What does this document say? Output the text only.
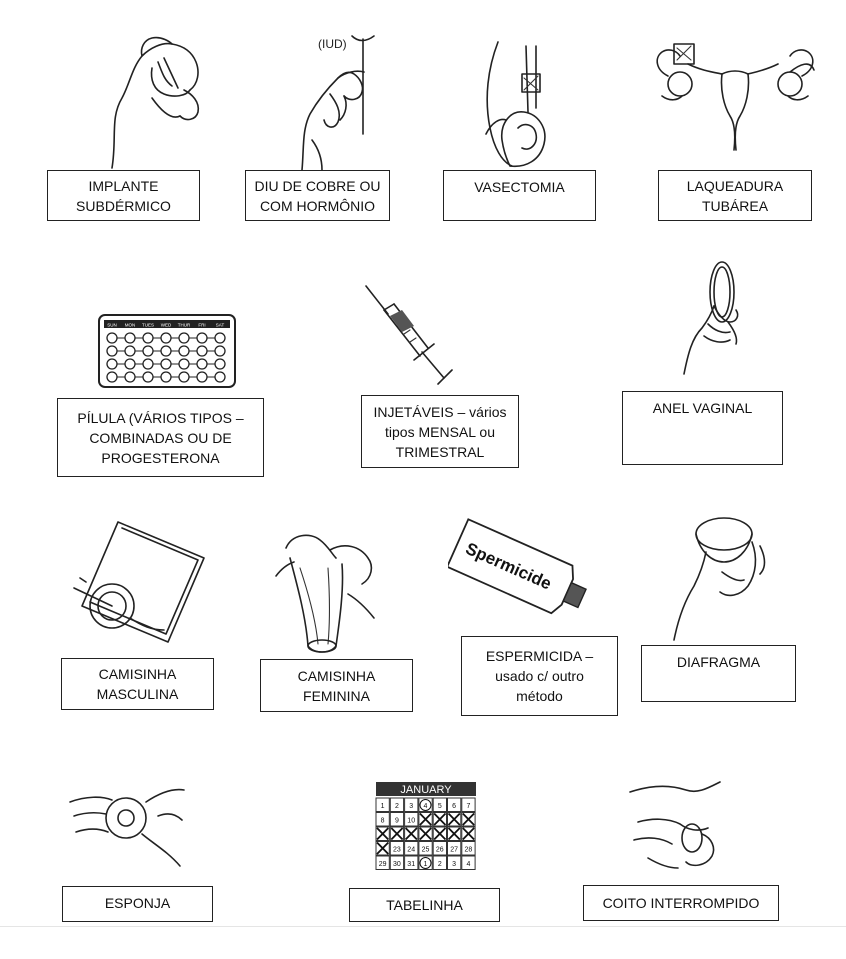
IMPLANTE
SUBDÉRMICO
(IUD)
DIU DE COBRE OU
COM HORMÔNIO
VASECTOMIA	LAQUEADURA
TUBÁREA
SUN MON TUES WED THUR FRI SAT
PÍLULA (VÁRIOS TIPOS –
COMBINADAS OU DE
PROGESTERONA
INJETÁVEIS – vários
tipos MENSAL ou
TRIMESTRAL
ANEL VAGINAL
CAMISINHA
MASCULINA
CAMISINHA
FEMININA
Spermicide
ESPERMICIDA –
usado c/ outro
método
DIAFRAGMA
ESPONJA
JANUARY
1 2 3 4 5 6 7
8 9 10
23 24 25 26 27 28
29 30 31 1 2 3 4
TABELINHA	COITO INTERROMPIDO
